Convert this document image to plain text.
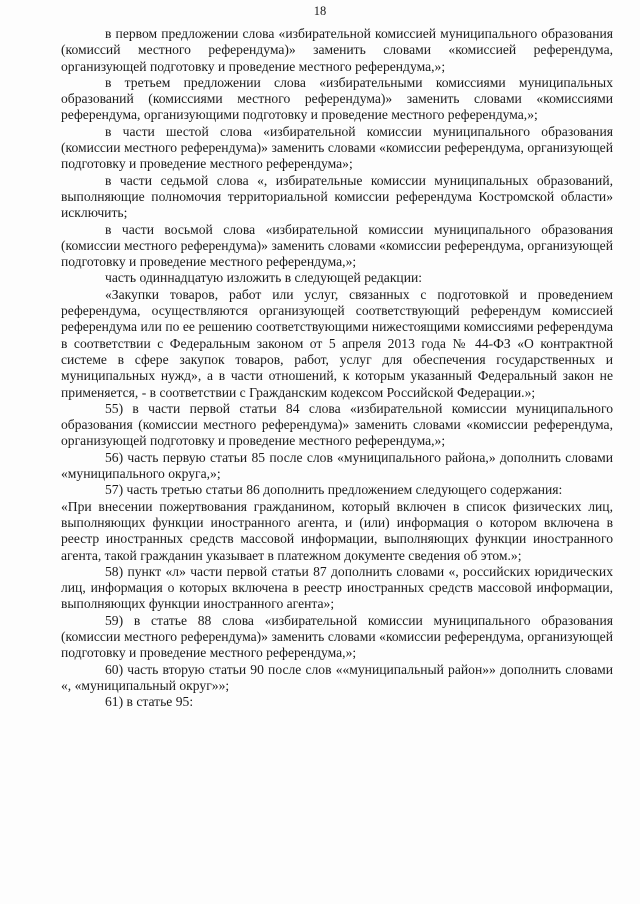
18

в первом предложении слова «избирательной комиссией муниципального образования (комиссий местного референдума)» заменить словами «комиссией референдума, организующей подготовку и проведение местного референдума,»;

в третьем предложении слова «избирательными комиссиями муниципальных образований (комиссиями местного референдума)» заменить словами «комиссиями референдума, организующими подготовку и проведение местного референдума,»;

в части шестой слова «избирательной комиссии муниципального образования (комиссии местного референдума)» заменить словами «комиссии референдума, организующей подготовку и проведение местного референдума»;

в части седьмой слова «, избирательные комиссии муниципальных образований, выполняющие полномочия территориальной комиссии референдума Костромской области» исключить;

в части восьмой слова «избирательной комиссии муниципального образования (комиссии местного референдума)» заменить словами «комиссии референдума, организующей подготовку и проведение местного референдума,»;

часть одиннадцатую изложить в следующей редакции:

«Закупки товаров, работ или услуг, связанных с подготовкой и проведением референдума, осуществляются организующей соответствующий референдум комиссией референдума или по ее решению соответствующими нижестоящими комиссиями референдума в соответствии с Федеральным законом от 5 апреля 2013 года № 44-ФЗ «О контрактной системе в сфере закупок товаров, работ, услуг для обеспечения государственных и муниципальных нужд», а в части отношений, к которым указанный Федеральный закон не применяется, - в соответствии с Гражданским кодексом Российской Федерации.»;

55) в части первой статьи 84 слова «избирательной комиссии муниципального образования (комиссии местного референдума)» заменить словами «комиссии референдума, организующей подготовку и проведение местного референдума,»;

56) часть первую статьи 85 после слов «муниципального района,» дополнить словами «муниципального округа,»;

57) часть третью статьи 86 дополнить предложением следующего содержания:

«При внесении пожертвования гражданином, который включен в список физических лиц, выполняющих функции иностранного агента, и (или) информация о котором включена в реестр иностранных средств массовой информации, выполняющих функции иностранного агента, такой гражданин указывает в платежном документе сведения об этом.»;

58) пункт «л» части первой статьи 87 дополнить словами «, российских юридических лиц, информация о которых включена в реестр иностранных средств массовой информации, выполняющих функции иностранного агента»;

59) в статье 88 слова «избирательной комиссии муниципального образования (комиссии местного референдума)» заменить словами «комиссии референдума, организующей подготовку и проведение местного референдума,»;

60) часть вторую статьи 90 после слов ««муниципальный район»» дополнить словами «, «муниципальный округ»»;

61) в статье 95:
